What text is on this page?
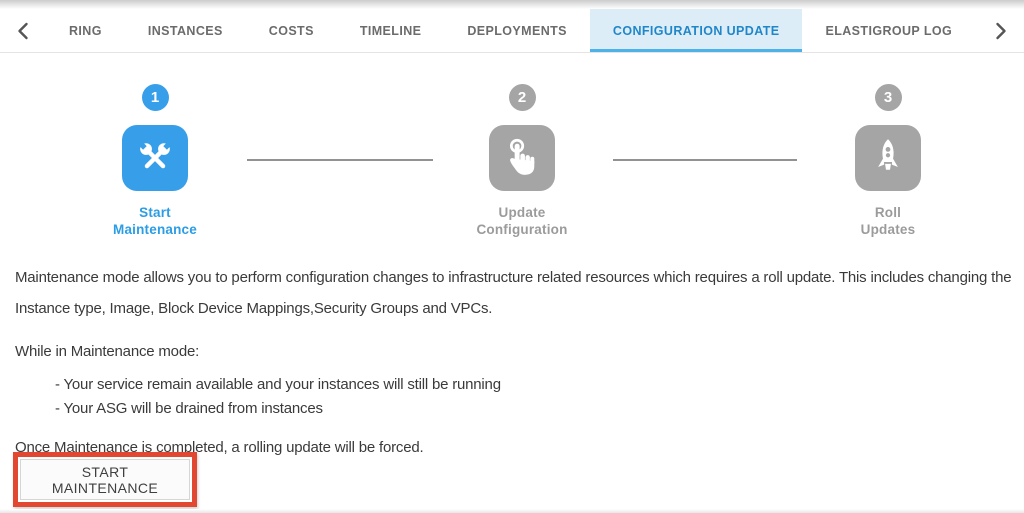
RING	INSTANCES	COSTS	TIMELINE	DEPLOYMENTS	CONFIGURATION UPDATE	ELASTIGROUP LOG
1
Start
Maintenance
2
Update
Configuration
3
Roll
Updates

Maintenance mode allows you to perform configuration changes to infrastructure related resources which requires a roll update. This includes changing the Instance type, Image, Block Device Mappings,Security Groups and VPCs.

While in Maintenance mode:

- Your service remain available and your instances will still be running

- Your ASG will be drained from instances

Once Maintenance is completed, a rolling update will be forced.

START MAINTENANCE
